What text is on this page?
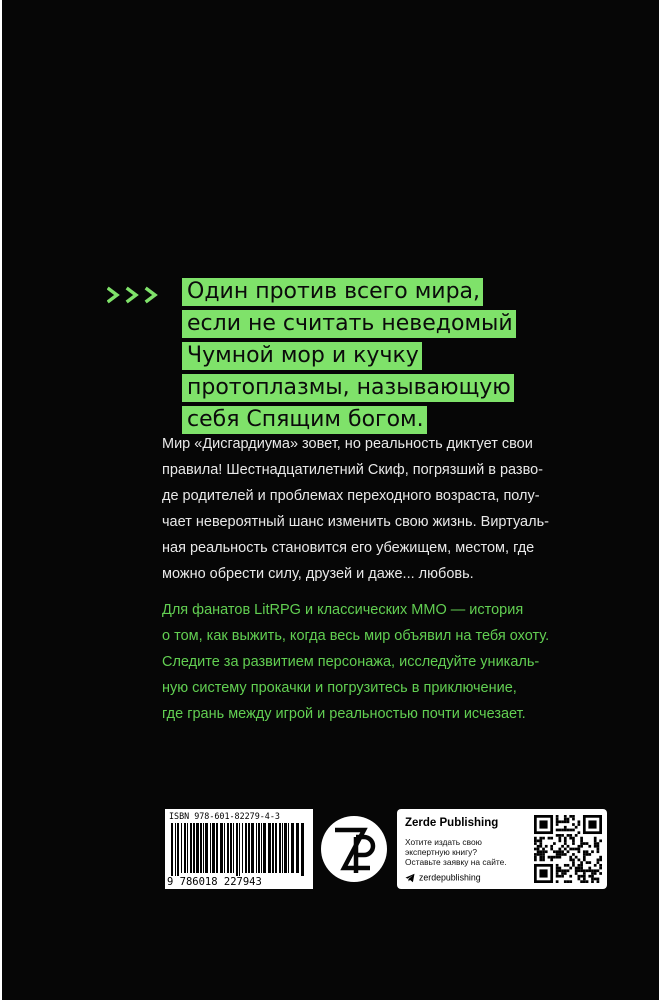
Один против всего мира,
если не считать неведомый
Чумной мор и кучку
протоплазмы, называющую
себя Спящим богом.

Мир «Дисгардиума» зовет, но реальность диктует свои
правила! Шестнадцатилетний Скиф, погрязший в разво-
де родителей и проблемах переходного возраста, полу-
чает невероятный шанс изменить свою жизнь. Виртуаль-
ная реальность становится его убежищем, местом, где
можно обрести силу, друзей и даже... любовь.

Для фанатов LitRPG и классических MMO — история
о том, как выжить, когда весь мир объявил на тебя охоту.
Следите за развитием персонажа, исследуйте уникаль-
ную систему прокачки и погрузитесь в приключение,
где грань между игрой и реальностью почти исчезает.

ISBN 978-601-82279-4-3
9 786018 227943
Zerde Publishing
Хотите издать свою
экспертную книгу?
Оставьте заявку на сайте.
zerdepublishing
